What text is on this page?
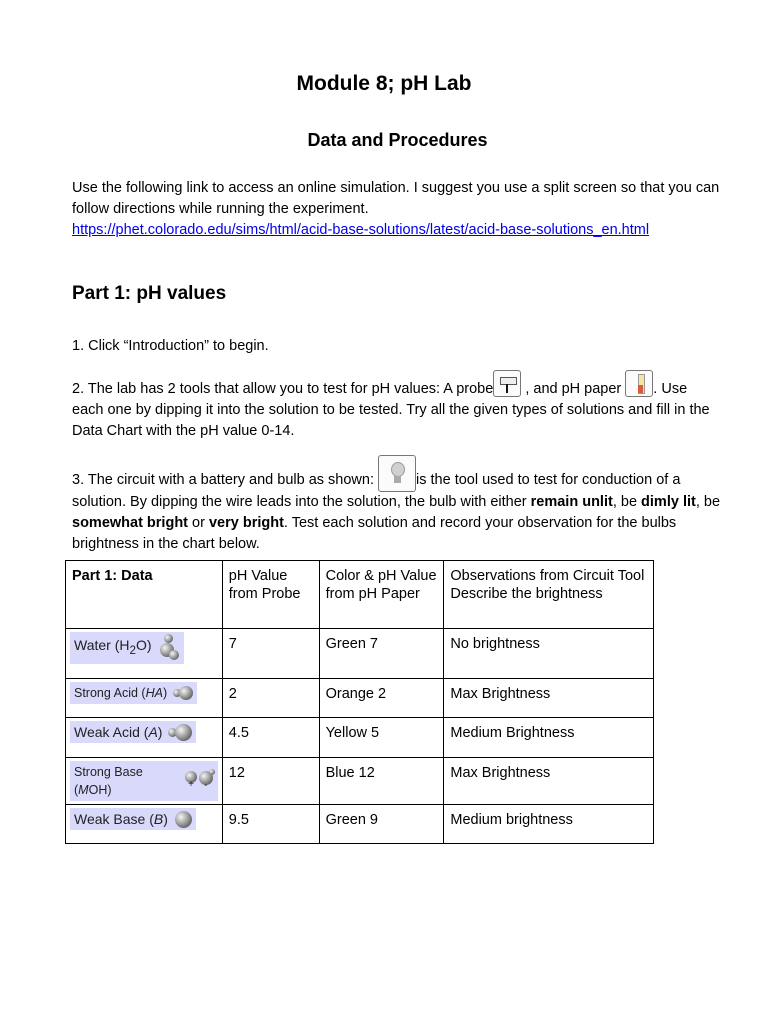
Module 8; pH Lab
Data and Procedures
Use the following link to access an online simulation. I suggest you use a split screen so that you can follow directions while running the experiment.
https://phet.colorado.edu/sims/html/acid-base-solutions/latest/acid-base-solutions_en.html
Part 1: pH values
1. Click “Introduction” to begin.
2. The lab has 2 tools that allow you to test for pH values: A probe
, and pH paper
. Use each one by dipping it into the solution to be tested. Try all the given types of solutions and fill in the Data Chart with the pH value 0-14.
3. The circuit with a battery and bulb as shown:	is the tool used to test for conduction of a solution. By dipping the wire leads into the solution, the bulb with either remain unlit, be dimly lit, be somewhat bright or very bright. Test each solution and record your observation for the bulbs brightness in the chart below.
Part 1: Data	pH Value from Probe	Color & pH Value from pH Paper	Observations from Circuit Tool
Describe the brightness

Water $(H_2O)$	7	Green 7	No brightness

Strong Acid (HA)	2	Orange 2	Max Brightness

Weak Acid (A)	4.5	Yellow 5	Medium Brightness

Strong Base (MOH) + -	12	Blue 12	Max Brightness

Weak Base (B)	9.5	Green 9	Medium brightness
